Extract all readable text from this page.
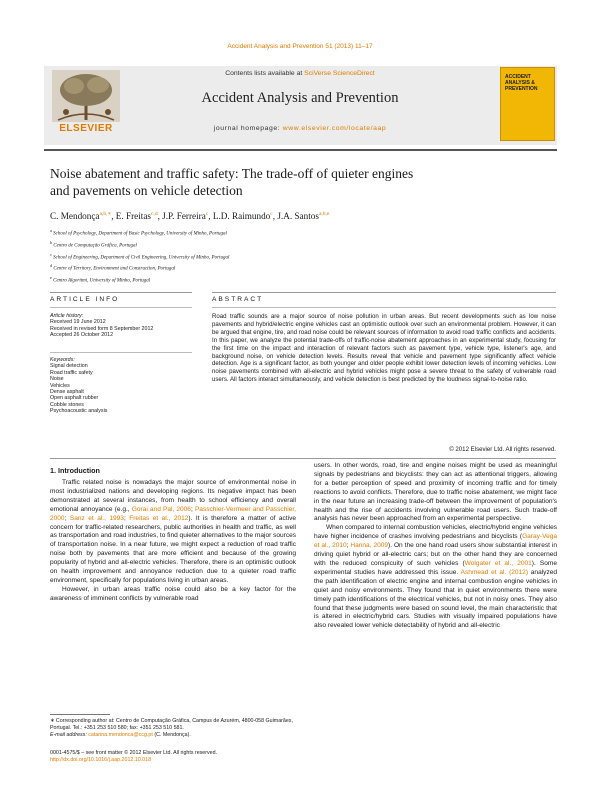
Accident Analysis and Prevention 51 (2013) 11–17
ELSEVIER
Contents lists available at SciVerse ScienceDirect
Accident Analysis and Prevention
journal homepage: www.elsevier.com/locate/aap
ACCIDENT ANALYSIS & PREVENTION
Noise abatement and traffic safety: The trade-off of quieter engines
and pavements on vehicle detection
C. Mendonça$^{a,b,∗}$, E. Freitas$^{c,d}$, J.P. Ferreira$^c$, L.D. Raimundo$^c$, J.A. Santos$^{a,b,e}$
$^a$ School of Psychology, Department of Basic Psychology, University of Minho, Portugal
$^b$ Centro de Computação Gráfica, Portugal
$^c$ School of Engineering, Department of Civil Engineering, University of Minho, Portugal
$^d$ Centre of Territory, Environment and Construction, Portugal
$^e$ Centro Algoritmi, University of Minho, Portugal
ARTICLE INFO	ABSTRACT
Article history:
Received 19 June 2012
Received in revised form 8 September 2012
Accepted 26 October 2012
Keywords:
Signal detection
Road traffic safety
Noise
Vehicles
Dense asphalt
Open asphalt rubber
Cobble stones
Psychoacoustic analysis
Road traffic sounds are a major source of noise pollution in urban areas. But recent developments such as low noise pavements and hybrid/electric engine vehicles cast an optimistic outlook over such an environmental problem. However, it can be argued that engine, tire, and road noise could be relevant sources of information to avoid road traffic conflicts and accidents. In this paper, we analyze the potential trade-offs of traffic-noise abatement approaches in an experimental study, focusing for the first time on the impact and interaction of relevant factors such as pavement type, vehicle type, listener's age, and background noise, on vehicle detection levels. Results reveal that vehicle and pavement type significantly affect vehicle detection. Age is a significant factor, as both younger and older people exhibit lower detection levels of incoming vehicles. Low noise pavements combined with all-electric and hybrid vehicles might pose a severe threat to the safety of vulnerable road users. All factors interact simultaneously, and vehicle detection is best predicted by the loudness signal-to-noise ratio.
© 2012 Elsevier Ltd. All rights reserved.
1. Introduction

Traffic related noise is nowadays the major source of environmental noise in most industrialized nations and developing regions. Its negative impact has been demonstrated at several instances, from health to school efficiency and overall emotional annoyance (e.g., Gorai and Pal, 2006; Passchier-Vermeer and Passchier, 2000; Sanz et al., 1993; Freitas et al., 2012). It is therefore a matter of active concern for traffic-related researchers, public authorities in health and traffic, as well as transportation and road industries, to find quieter alternatives to the major sources of transportation noise. In a near future, we might expect a reduction of road traffic noise both by pavements that are more efficient and because of the growing popularity of hybrid and all-electric vehicles. Therefore, there is an optimistic outlook on health improvement and annoyance reduction due to a quieter road traffic environment, specifically for populations living in urban areas.

However, in urban areas traffic noise could also be a key factor for the awareness of imminent conflicts by vulnerable road

users. In other words, road, tire and engine noises might be used as meaningful signals by pedestrians and bicyclists: they can act as attentional triggers, allowing for a better perception of speed and proximity of incoming traffic and for timely reactions to avoid conflicts. Therefore, due to traffic noise abatement, we might face in the near future an increasing trade-off between the improvement of population's health and the rise of accidents involving vulnerable road users. Such trade-off analysis has never been approached from an experimental perspective.

When compared to internal combustion vehicles, electric/hybrid engine vehicles have higher incidence of crashes involving pedestrians and bicyclists (Garay-Vega et al., 2010; Hanna, 2009). On the one hand road users show substantial interest in driving quiet hybrid or all-electric cars; but on the other hand they are concerned with the reduced conspicuity of such vehicles (Wolgater et al., 2001). Some experimental studies have addressed this issue. Ashmead et al. (2012) analyzed the path identification of electric engine and internal combustion engine vehicles in quiet and noisy environments. They found that in quiet environments there were timely path identifications of the electrical vehicles, but not in noisy ones. They also found that these judgments were based on sound level, the main characteristic that is altered in electric/hybrid cars. Studies with visually impaired populations have also revealed lower vehicle detectability of hybrid and all-electric

∗ Corresponding author at: Centro de Computação Gráfica, Campus de Azurém, 4800-058 Guimarães, Portugal. Tel.: +351 253 510 580; fax: +351 253 510 581.
E-mail address: catarina.mendonca@ccg.pt (C. Mendonça).
0001-4575/$ – see front matter © 2012 Elsevier Ltd. All rights reserved.
http://dx.doi.org/10.1016/j.aap.2012.10.018
